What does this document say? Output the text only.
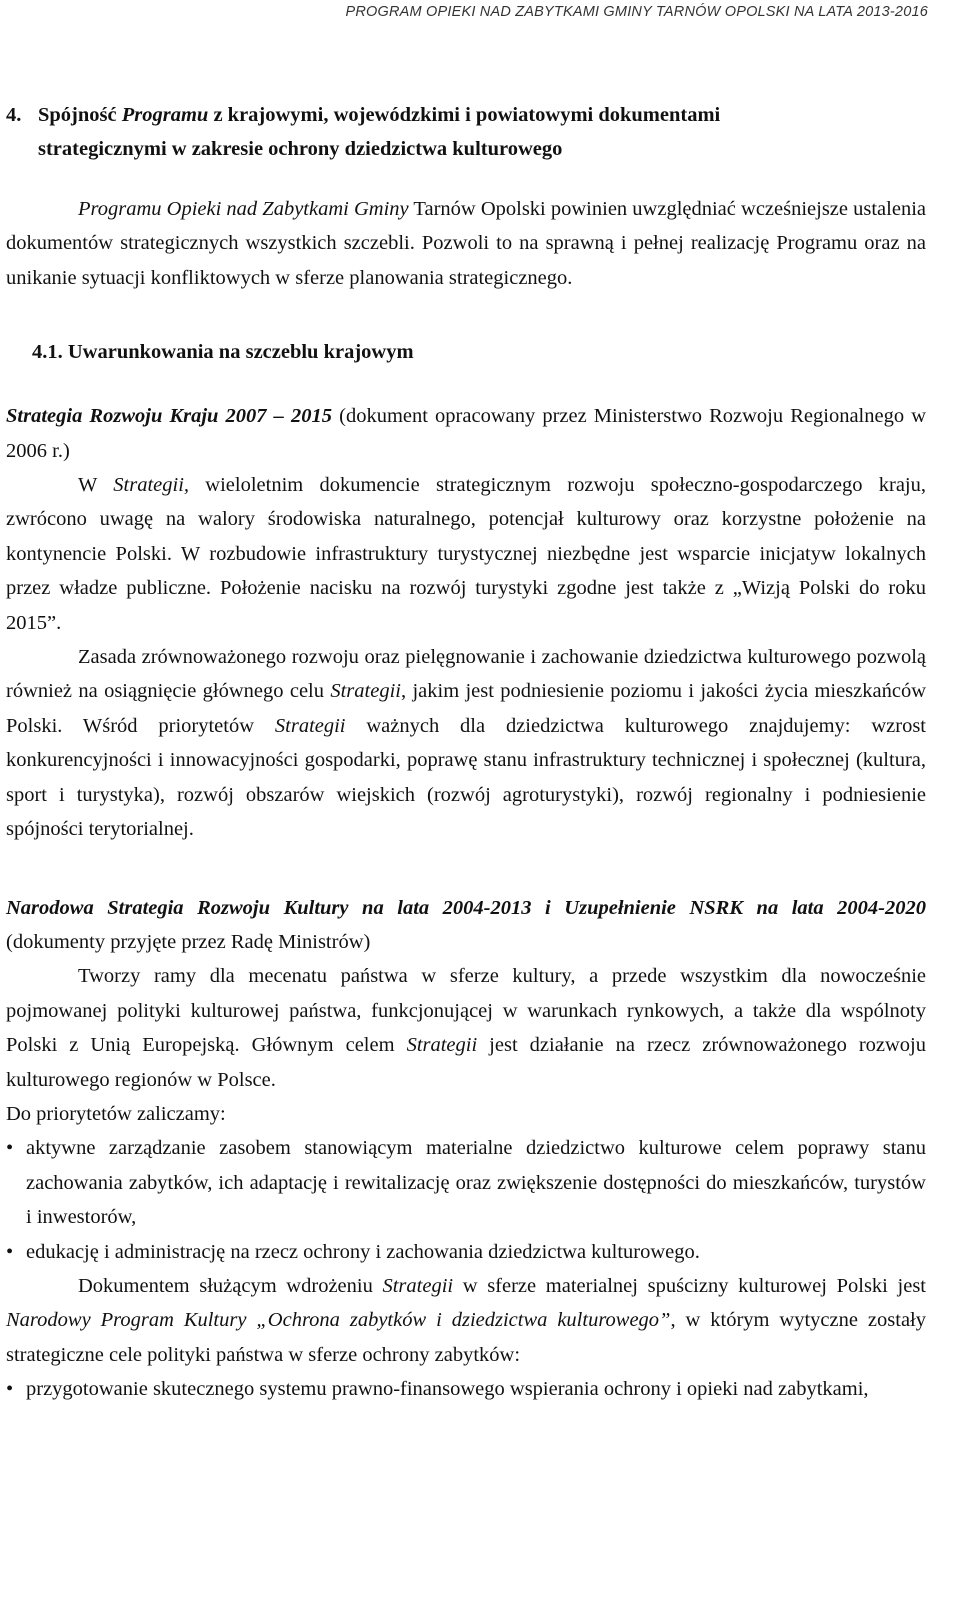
PROGRAM OPIEKI NAD ZABYTKAMI GMINY TARNÓW OPOLSKI NA LATA 2013-2016
4. Spójność Programu z krajowymi, wojewódzkimi i powiatowymi dokumentami
strategicznymi w zakresie ochrony dziedzictwa kulturowego

Programu Opieki nad Zabytkami Gminy Tarnów Opolski powinien uwzględniać wcześniejsze ustalenia dokumentów strategicznych wszystkich szczebli. Pozwoli to na sprawną i pełnej realizację Programu oraz na unikanie sytuacji konfliktowych w sferze planowania strategicznego.

4.1. Uwarunkowania na szczeblu krajowym

Strategia Rozwoju Kraju 2007 – 2015 (dokument opracowany przez Ministerstwo Rozwoju Regionalnego w 2006 r.)

W Strategii, wieloletnim dokumencie strategicznym rozwoju społeczno-gospodarczego kraju, zwrócono uwagę na walory środowiska naturalnego, potencjał kulturowy oraz korzystne położenie na kontynencie Polski. W rozbudowie infrastruktury turystycznej niezbędne jest wsparcie inicjatyw lokalnych przez władze publiczne. Położenie nacisku na rozwój turystyki zgodne jest także z „Wizją Polski do roku 2015”.

Zasada zrównoważonego rozwoju oraz pielęgnowanie i zachowanie dziedzictwa kulturowego pozwolą również na osiągnięcie głównego celu Strategii, jakim jest podniesienie poziomu i jakości życia mieszkańców Polski. Wśród priorytetów Strategii ważnych dla dziedzictwa kulturowego znajdujemy: wzrost konkurencyjności i innowacyjności gospodarki, poprawę stanu infrastruktury technicznej i społecznej (kultura, sport i turystyka), rozwój obszarów wiejskich (rozwój agroturystyki), rozwój regionalny i podniesienie spójności terytorialnej.

Narodowa Strategia Rozwoju Kultury na lata 2004-2013 i Uzupełnienie NSRK na lata 2004-2020 (dokumenty przyjęte przez Radę Ministrów)

Tworzy ramy dla mecenatu państwa w sferze kultury, a przede wszystkim dla nowocześnie pojmowanej polityki kulturowej państwa, funkcjonującej w warunkach rynkowych, a także dla wspólnoty Polski z Unią Europejską. Głównym celem Strategii jest działanie na rzecz zrównoważonego rozwoju kulturowego regionów w Polsce.

Do priorytetów zaliczamy:

• aktywne zarządzanie zasobem stanowiącym materialne dziedzictwo kulturowe celem poprawy stanu zachowania zabytków, ich adaptację i rewitalizację oraz zwiększenie dostępności do mieszkańców, turystów i inwestorów,

• edukację i administrację na rzecz ochrony i zachowania dziedzictwa kulturowego.

Dokumentem służącym wdrożeniu Strategii w sferze materialnej spuścizny kulturowej Polski jest Narodowy Program Kultury „Ochrona zabytków i dziedzictwa kulturowego”, w którym wytyczne zostały strategiczne cele polityki państwa w sferze ochrony zabytków:

• przygotowanie skutecznego systemu prawno-finansowego wspierania ochrony i opieki nad zabytkami,
